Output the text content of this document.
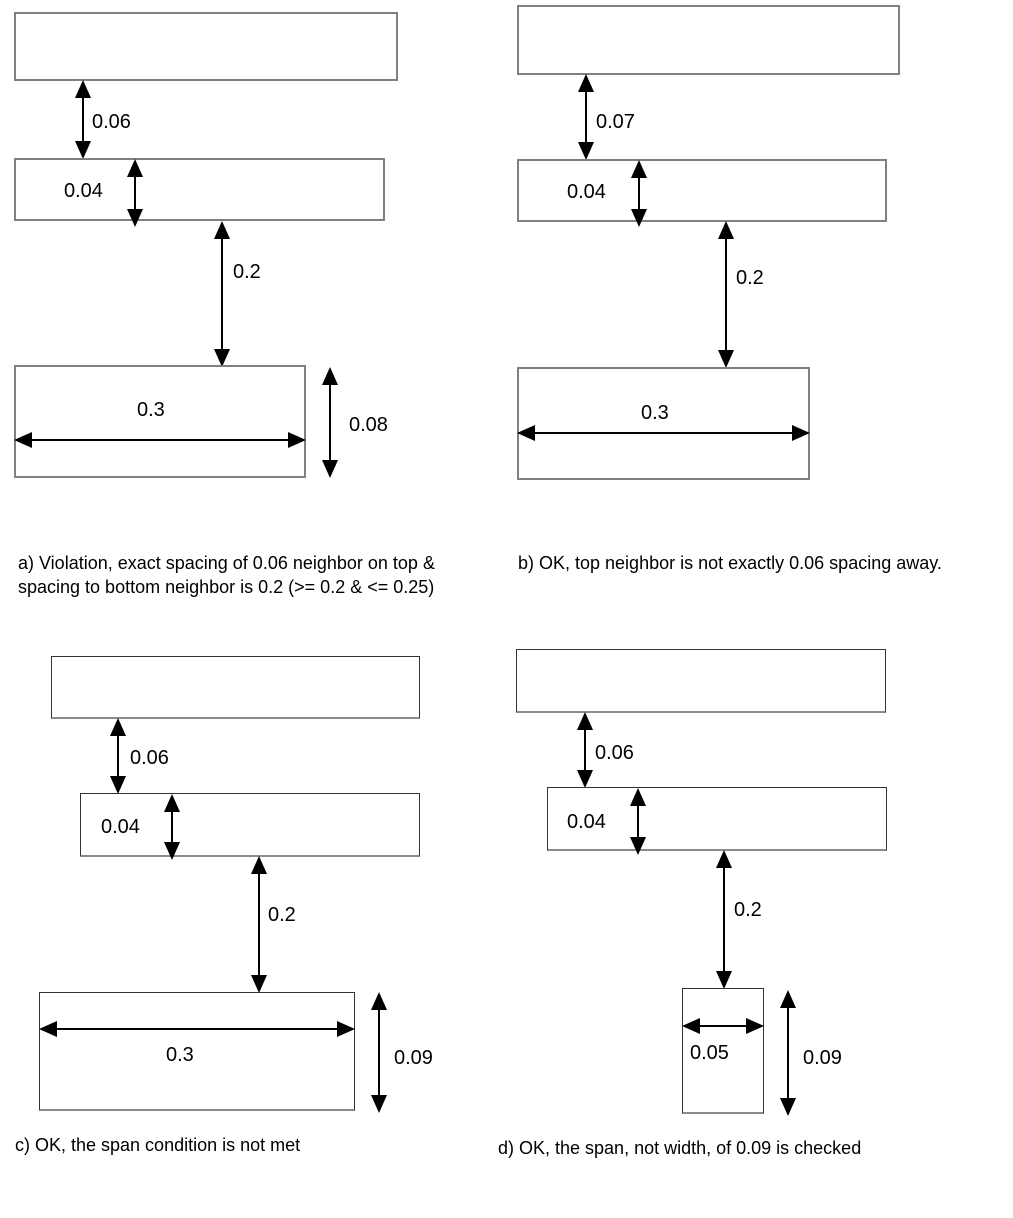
0.06
0.04
0.2
0.3
0.08
a) Violation, exact spacing of 0.06 neighbor on top & spacing to bottom neighbor is 0.2 (>= 0.2 & <= 0.25)
0.07
0.04
0.2
0.3
b) OK, top neighbor is not exactly 0.06 spacing away.
0.06
0.04
0.2
0.3	0.09
c) OK, the span condition is not met
0.06
0.04
0.2
0.05	0.09
d) OK, the span, not width, of 0.09 is checked
